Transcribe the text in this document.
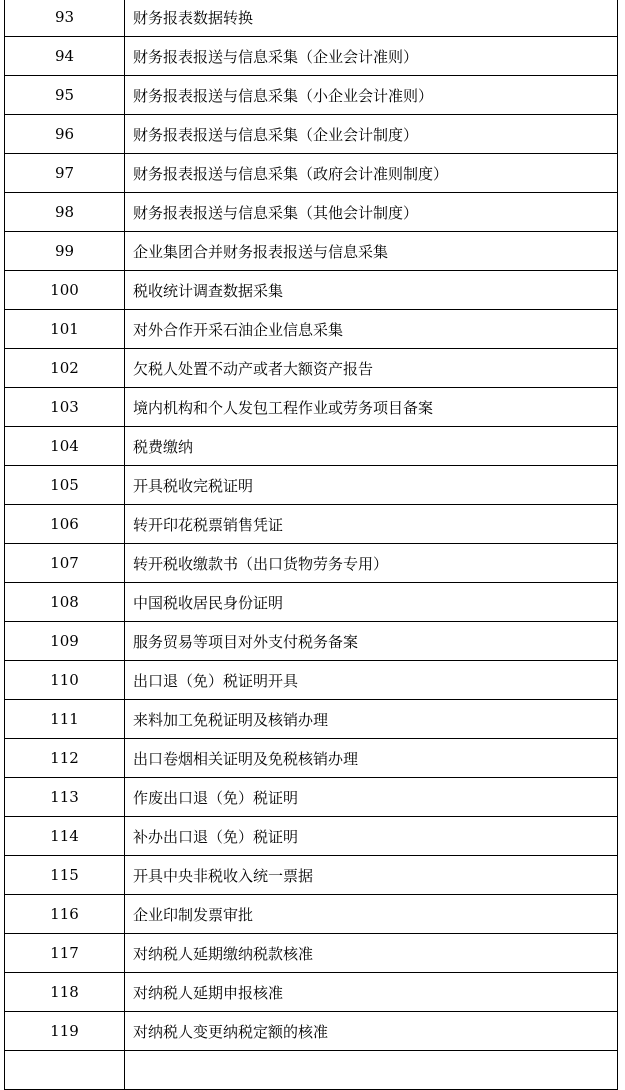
93	财务报表数据转换
94	财务报表报送与信息采集（企业会计准则）
95	财务报表报送与信息采集（小企业会计准则）
96	财务报表报送与信息采集（企业会计制度）
97	财务报表报送与信息采集（政府会计准则制度）
98	财务报表报送与信息采集（其他会计制度）
99	企业集团合并财务报表报送与信息采集
100	税收统计调查数据采集
101	对外合作开采石油企业信息采集
102	欠税人处置不动产或者大额资产报告
103	境内机构和个人发包工程作业或劳务项目备案
104	税费缴纳
105	开具税收完税证明
106	转开印花税票销售凭证
107	转开税收缴款书（出口货物劳务专用）
108	中国税收居民身份证明
109	服务贸易等项目对外支付税务备案
110	出口退（免）税证明开具
111	来料加工免税证明及核销办理
112	出口卷烟相关证明及免税核销办理
113	作废出口退（免）税证明
114	补办出口退（免）税证明
115	开具中央非税收入统一票据
116	企业印制发票审批
117	对纳税人延期缴纳税款核准
118	对纳税人延期申报核准
119	对纳税人变更纳税定额的核准
